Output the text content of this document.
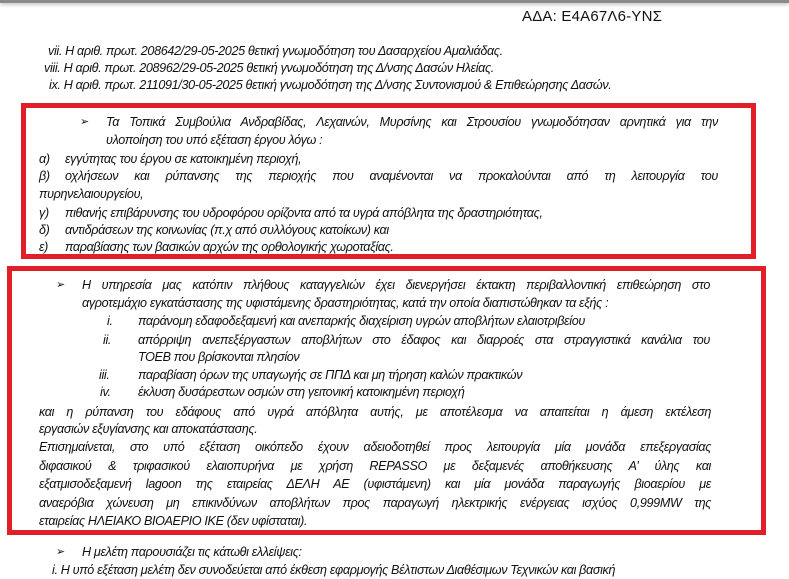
ΑΔΑ: Ε4Α67Λ6-ΥΝΣ
vii. Η αριθ. πρωτ. 208642/29-05-2025 θετική γνωμοδότηση του Δασαρχείου Αμαλιάδας.
viii. Η αριθ. πρωτ. 208962/29-05-2025 θετική γνωμοδότηση της Δ/νσης Δασών Ηλείας.
ix. Η αριθ. πρωτ. 211091/30-05-2025 θετική γνωμοδότηση της Δ/νσης Συντονισμού & Επιθεώρησης Δασών.
➢ Τα Τοπικά Συμβούλια Ανδραβίδας, Λεχαινών, Μυρσίνης και Στρουσίου γνωμοδότησαν αρνητικά για την
υλοποίηση του υπό εξέταση έργου λόγω :
α) εγγύτητας του έργου σε κατοικημένη περιοχή,
β) οχλήσεων και ρύπανσης της περιοχής που αναμένονται να προκαλούνται από τη λειτουργία του
πυρηνελαιουργείου,
γ) πιθανής επιβάρυνσης του υδροφόρου ορίζοντα από τα υγρά απόβλητα της δραστηριότητας,
δ) αντιδράσεων της κοινωνίας (π.χ από συλλόγους κατοίκων) και
ε) παραβίασης των βασικών αρχών της ορθολογικής χωροταξίας.
➢ Η υπηρεσία μας κατόπιν πλήθους καταγγελιών έχει διενεργήσει έκτακτη περιβαλλοντική επιθεώρηση στο
αγροτεμάχιο εγκατάστασης της υφιστάμενης δραστηριότητας, κατά την οποία διαπιστώθηκαν τα εξής :
i. παράνομη εδαφοδεξαμενή και ανεπαρκής διαχείριση υγρών αποβλήτων ελαιοτριβείου
ii. απόρριψη ανεπεξέργαστων αποβλήτων στο έδαφος και διαρροές στα στραγγιστικά κανάλια του
ΤΟΕΒ που βρίσκονται πλησίον
iii. παραβίαση όρων της υπαγωγής σε ΠΠΔ και μη τήρηση καλών πρακτικών
iv. έκλυση δυσάρεστων οσμών στη γειτονική κατοικημένη περιοχή
και η ρύπανση του εδάφους από υγρά απόβλητα αυτής, με αποτέλεσμα να απαιτείται η άμεση εκτέλεση
εργασιών εξυγίανσης και αποκατάστασης.
Επισημαίνεται, στο υπό εξέταση οικόπεδο έχουν αδειοδοτηθεί προς λειτουργία μία μονάδα επεξεργασίας
διφασικού & τριφασικού ελαιοπυρήνα με χρήση REPASSO με δεξαμενές αποθήκευσης Α’ ύλης και
εξατμισοδεξαμενή lagoon της εταιρείας ΔΕΛΗ ΑΕ (υφιστάμενη) και μία μονάδα παραγωγής βιοαερίου με
αναερόβια χώνευση μη επικινδύνων αποβλήτων προς παραγωγή ηλεκτρικής ενέργειας ισχύος 0,999MW της
εταιρείας ΗΛΕΙΑΚΟ ΒΙΟΑΕΡΙΟ ΙΚΕ (δεν υφίσταται).
➢ Η μελέτη παρουσιάζει τις κάτωθι ελλείψεις:
i. Η υπό εξέταση μελέτη δεν συνοδεύεται από έκθεση εφαρμογής Βέλτιστων Διαθέσιμων Τεχνικών και βασική
